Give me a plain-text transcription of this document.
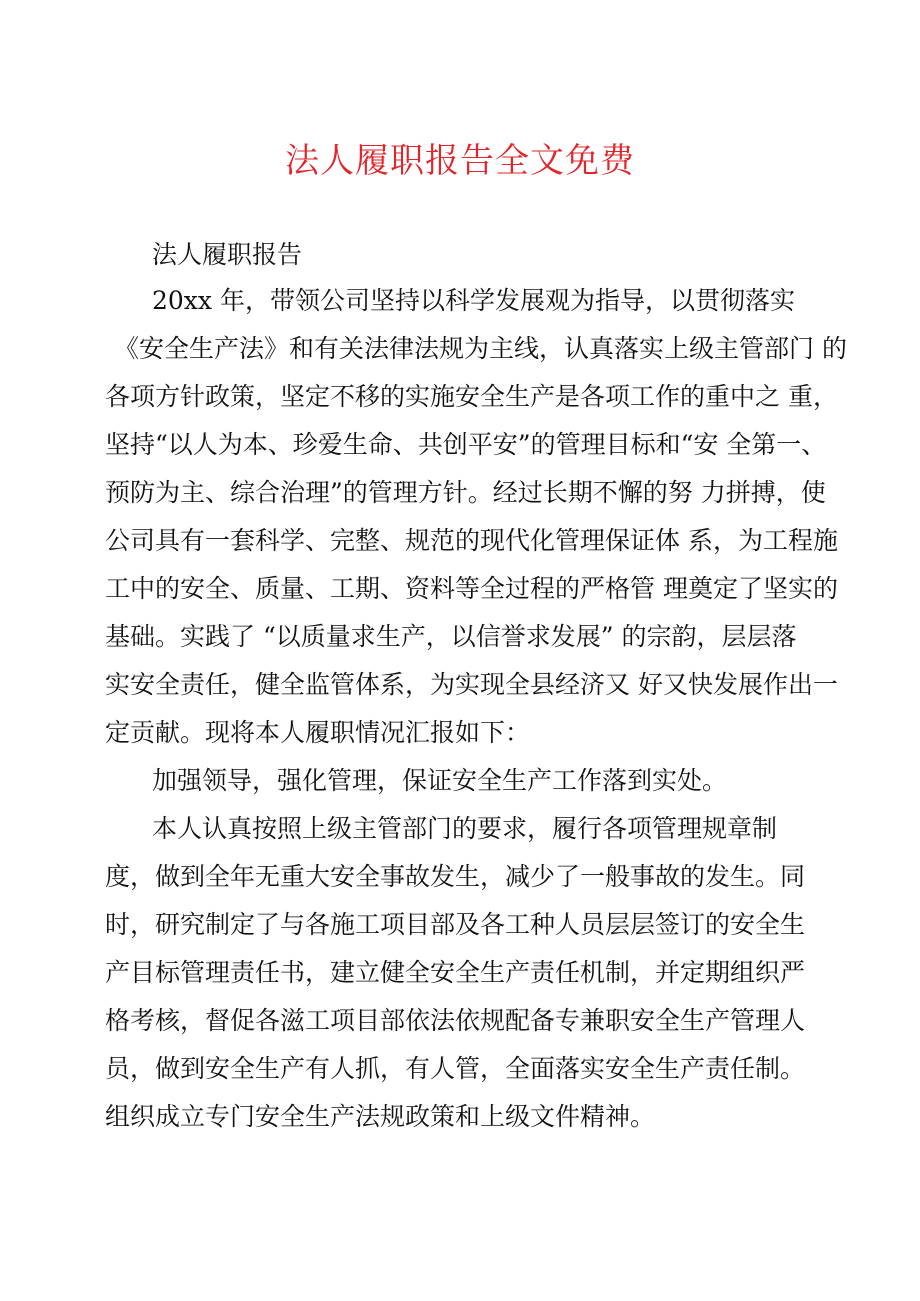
法人履职报告全文免费
法人履职报告
20xx 年，带领公司坚持以科学发展观为指导，以贯彻落实
《安全生产法》和有关法律法规为主线，认真落实上级主管部门 的
各项方针政策，坚定不移的实施安全生产是各项工作的重中之 重，
坚持“以人为本、珍爱生命、共创平安”的管理目标和“安 全第一、
预防为主、综合治理”的管理方针。经过长期不懈的努 力拼搏，使
公司具有一套科学、完整、规范的现代化管理保证体 系，为工程施
工中的安全、质量、工期、资料等全过程的严格管 理奠定了坚实的
基础。实践了 “以质量求生产，以信誉求发展” 的宗韵，层层落
实安全责任，健全监管体系，为实现全县经济又 好又快发展作出一
定贡献。现将本人履职情况汇报如下：
加强领导，强化管理，保证安全生产工作落到实处。
本人认真按照上级主管部门的要求，履行各项管理规章制
度，做到全年无重大安全事故发生，减少了一般事故的发生。同
时，研究制定了与各施工项目部及各工种人员层层签订的安全生
产目标管理责任书，建立健全安全生产责任机制，并定期组织严
格考核，督促各滋工项目部依法依规配备专兼职安全生产管理人
员，做到安全生产有人抓，有人管，全面落实安全生产责任制。
组织成立专门安全生产法规政策和上级文件精神。
